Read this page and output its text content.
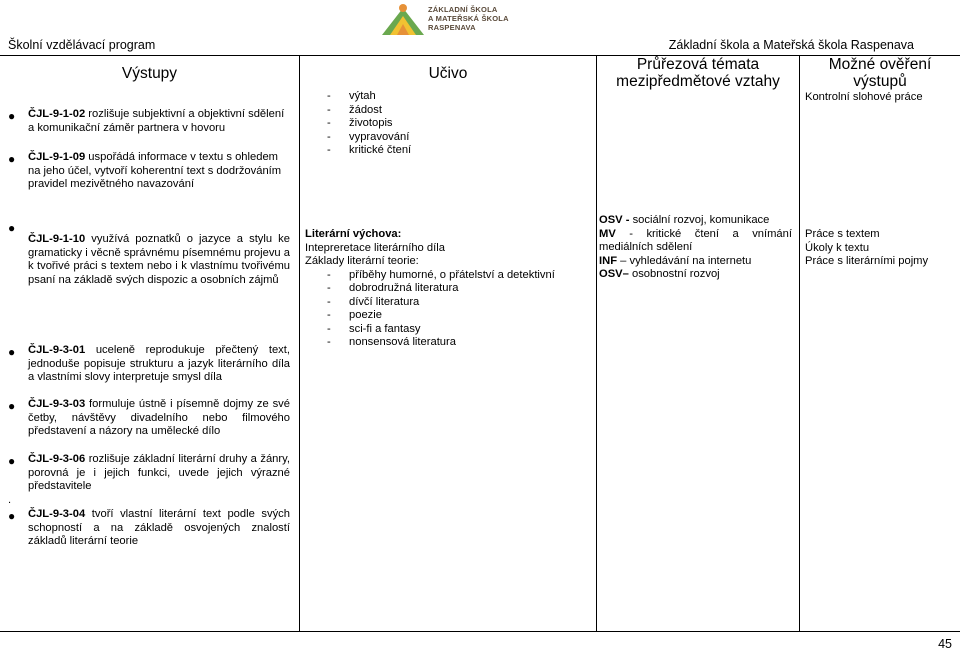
ZÁKLADNÍ ŠKOLA
A MATEŘSKÁ ŠKOLA
RASPENAVA
Školní vzdělávací program	Základní škola a Mateřská škola Raspenava
Výstupy	Učivo
Průřezová témata
mezipředmětové vztahy
Možné ověření
výstupů
● ČJL-9-1-02 rozlišuje subjektivní a objektivní sdělení a komunikační záměr partnera v hovoru
● ČJL-9-1-09 uspořádá informace v textu s ohledem na jeho účel, vytvoří koherentní text s dodržováním pravidel mezivětného navazování
- výtah
- žádost
- životopis
- vypravování
- kritické čtení
Kontrolní slohové práce
●
ČJL-9-1-10 využívá poznatků o jazyce a stylu ke gramaticky i věcně správnému písemnému projevu a k tvořivé práci s textem nebo i k vlastnímu tvořivému psaní na základě svých dispozic a osobních zájmů
● ČJL-9-3-01 uceleně reprodukuje přečtený text, jednoduše popisuje strukturu a jazyk literárního díla a vlastními slovy interpretuje smysl díla
● ČJL-9-3-03 formuluje ústně i písemně dojmy ze své četby, návštěvy divadelního nebo filmového představení a názory na umělecké dílo
● ČJL-9-3-06 rozlišuje základní literární druhy a žánry, porovná je i jejich funkci, uvede jejich výrazné představitele
.
● ČJL-9-3-04 tvoří vlastní literární text podle svých schopností a na základě osvojených znalostí základů literární teorie
Literární výchova:
Intepreretace literárního díla
Základy literární teorie:
- příběhy humorné, o přátelství a detektivní
- dobrodružná literatura
- dívčí literatura
- poezie
- sci-fi a fantasy
- nonsensová literatura
OSV - sociální rozvoj, komunikace
MV - kritické čtení a vnímání mediálních sdělení
INF – vyhledávání na internetu
OSV– osobnostní rozvoj
Práce s textem
Úkoly k textu
Práce s literárními pojmy
45
